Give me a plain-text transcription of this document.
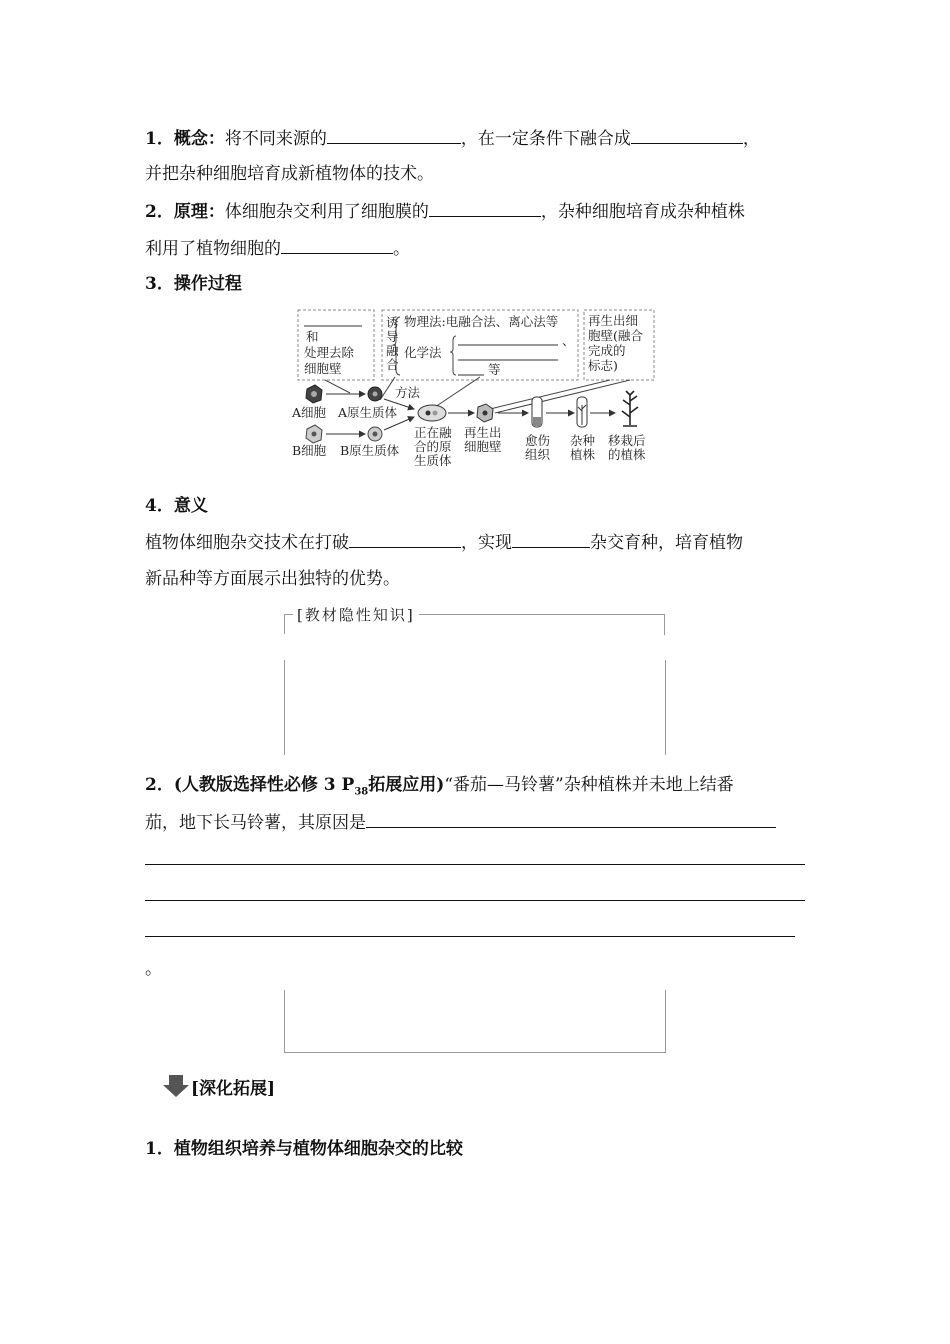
1．概念：将不同来源的	，在一定条件下融合成	，
并把杂种细胞培育成新植物体的技术。
2．原理：体细胞杂交利用了细胞膜的	，杂种细胞培育成杂种植株
利用了植物细胞的	。
3．操作过程
和
处理去除
细胞壁
诱
导
融
合
物理法:电融合法、离心法等
化学法
、
等
再生出细
胞壁(融合
完成的
标志)
方法
A细胞 A原生质体
B细胞 B原生质体
正在融
合的原
生质体
再生出
细胞壁 愈伤
组织
杂种
植株
移栽后
的植株
4．意义
植物体细胞杂交技术在打破	，实现	杂交育种，培育植物
新品种等方面展示出独特的优势。
[教材隐性知识]
2．(人教版选择性必修 3 $P_{38}$拓展应用)“番茄—马铃薯”杂种植株并未地上结番
茄，地下长马铃薯，其原因是
。
[深化拓展]
1．植物组织培养与植物体细胞杂交的比较
